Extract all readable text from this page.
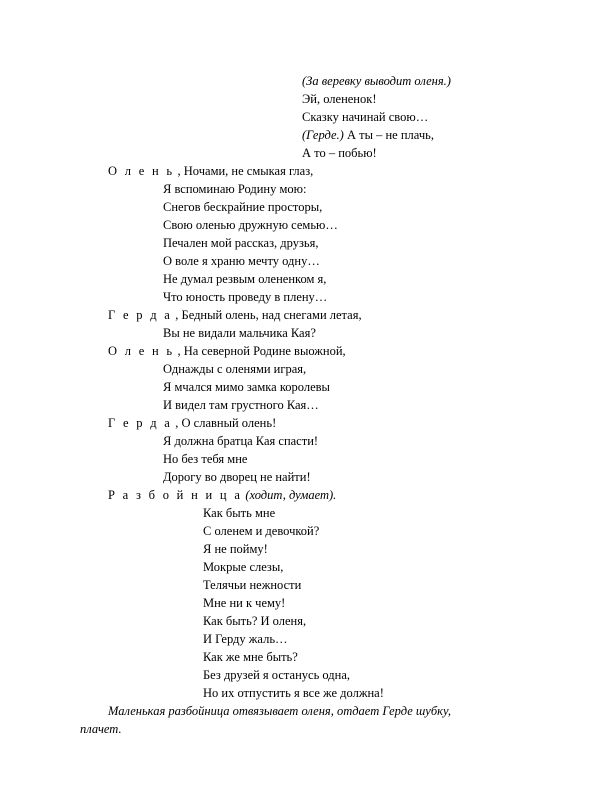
(За веревку выводит оленя.)
Эй, олененок!
Сказку начинай свою…
(Герде.) А ты – не плачь,
А то – побью!
О л е н ь , Ночами, не смыкая глаз,
Я вспоминаю Родину мою:
Снегов бескрайние просторы,
Свою оленью дружную семью…
Печален мой рассказ, друзья,
О воле я храню мечту одну…
Не думал резвым олененком я,
Что юность проведу в плену…
Г е р д а , Бедный олень, над снегами летая,
Вы не видали мальчика Кая?
О л е н ь , На северной Родине выожной,
Однажды с оленями играя,
Я мчался мимо замка королевы
И видел там грустного Кая…
Г е р д а , О славный олень!
Я должна братца Кая спасти!
Но без тебя мне
Дорогу во дворец не найти!
Р а з б о й н и ц а (ходит, думает).
Как быть мне
С оленем и девочкой?
Я не пойму!
Мокрые слезы,
Телячьи нежности
Мне ни к чему!
Как быть? И оленя,
И Герду жаль…
Как же мне быть?
Без друзей я останусь одна,
Но их отпустить я все же должна!
Маленькая разбойница отвязывает оленя, отдает Герде шубку,
плачет.
